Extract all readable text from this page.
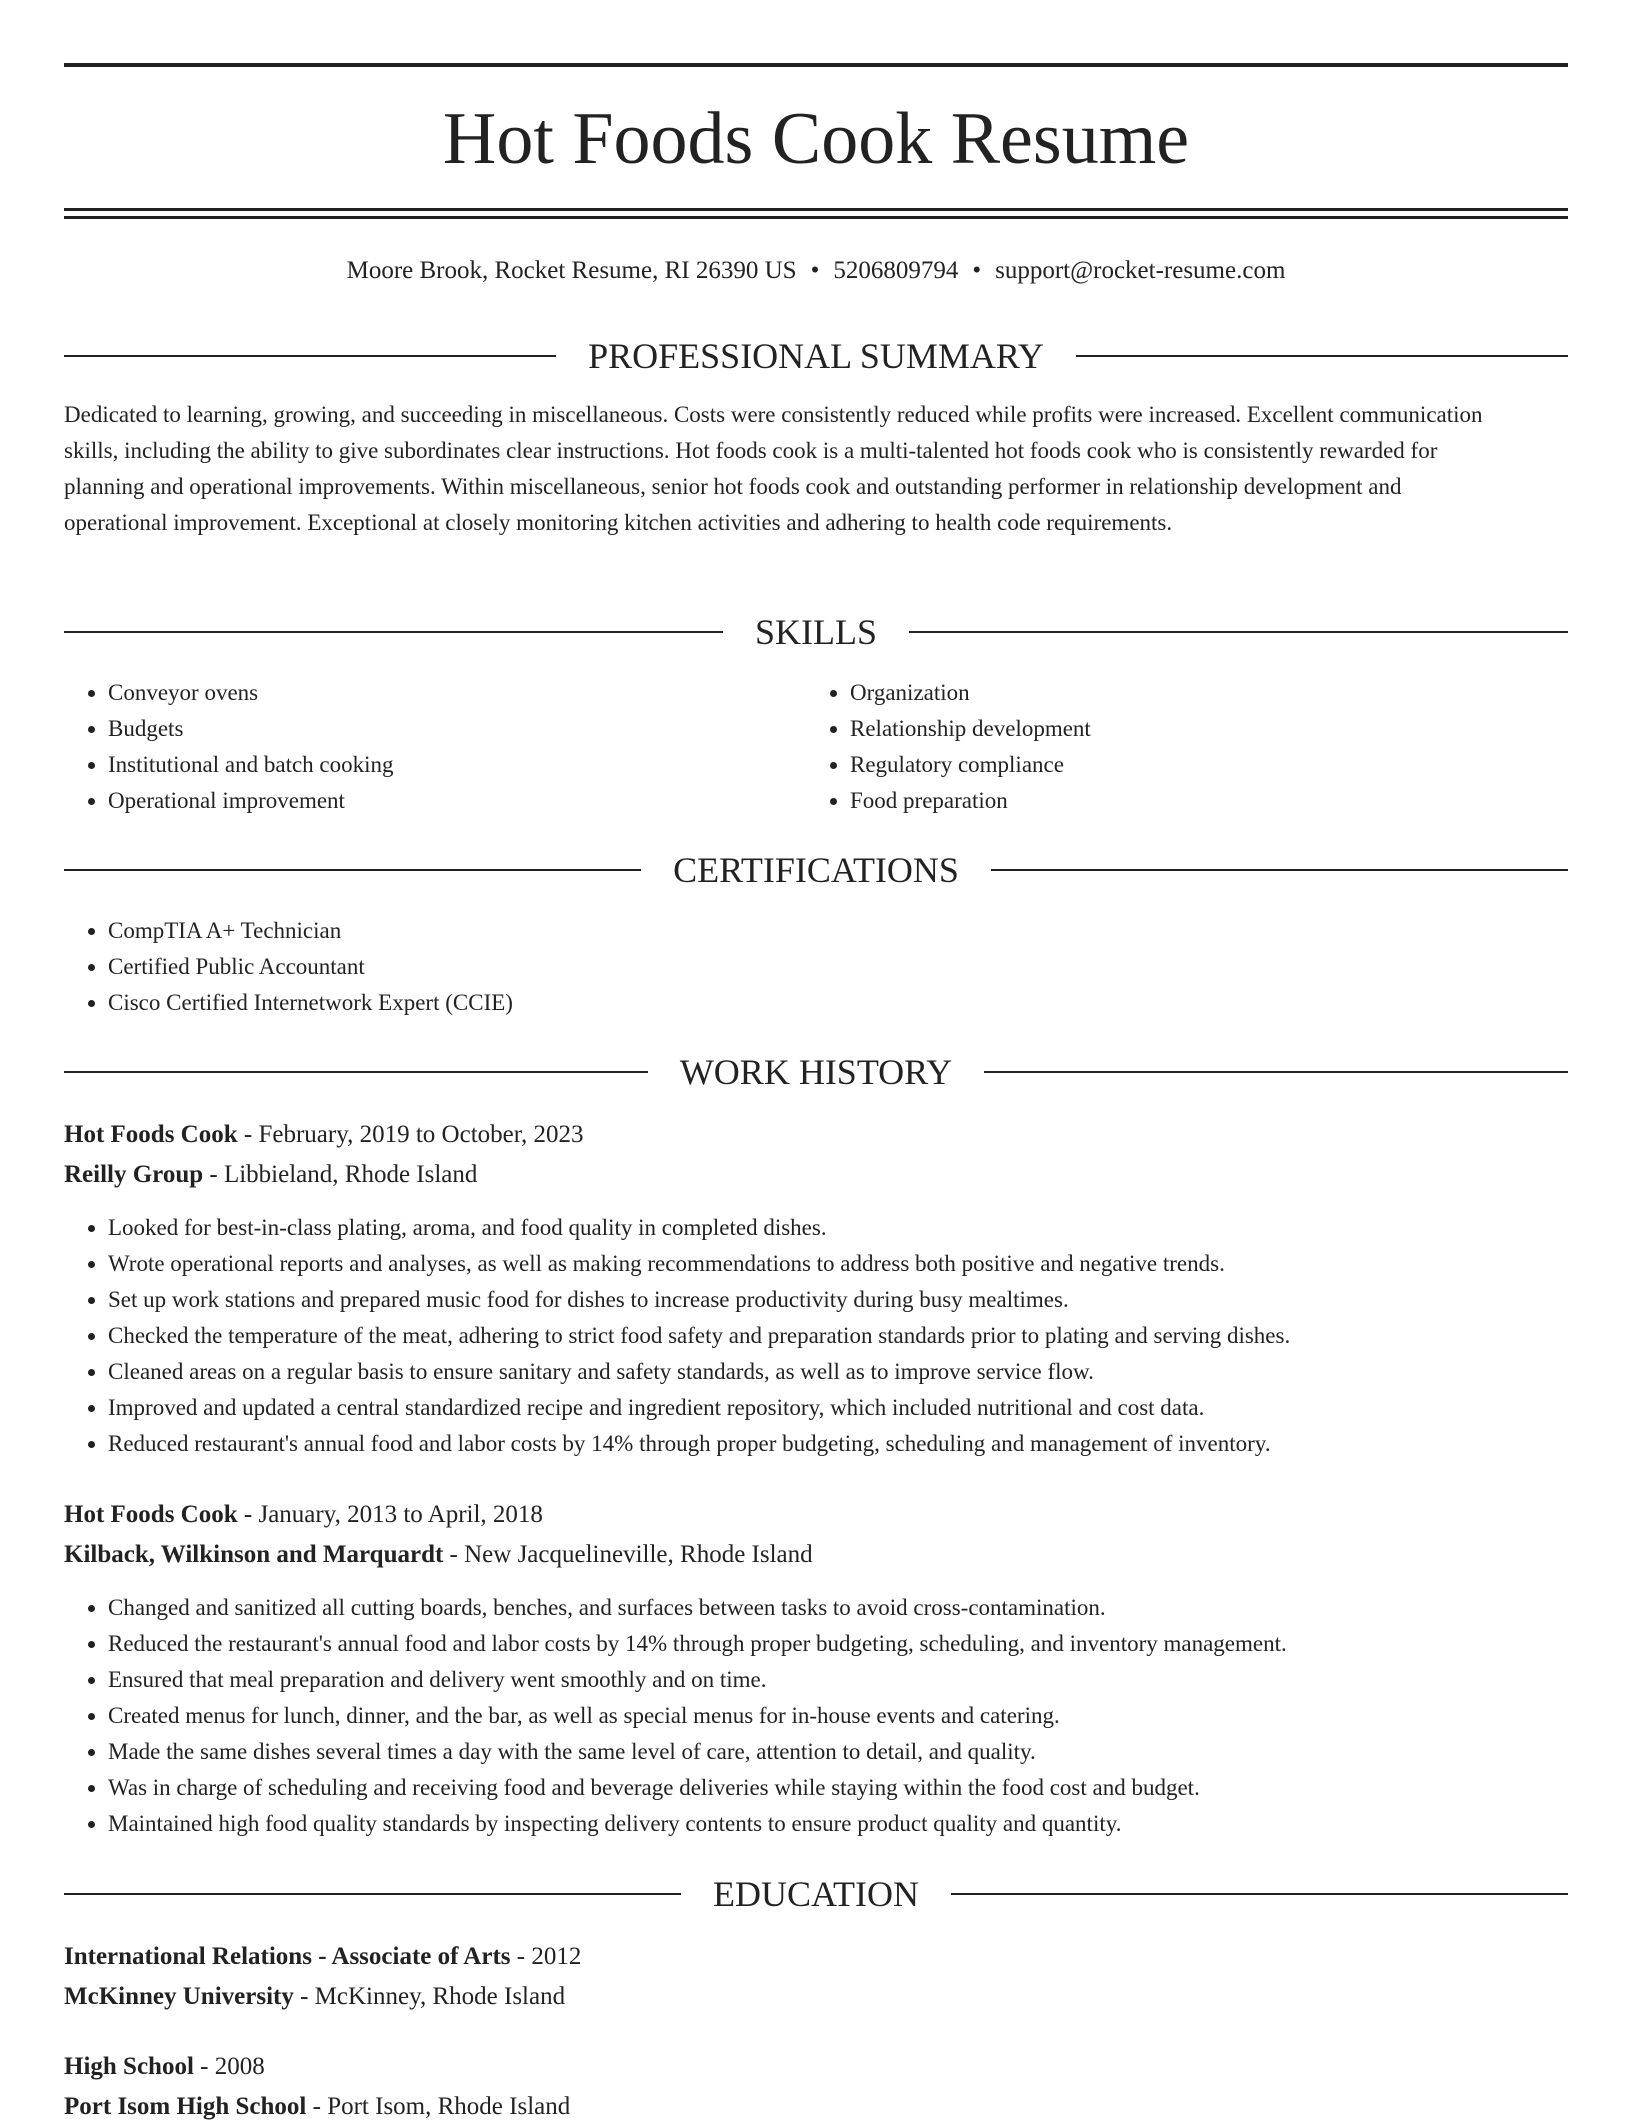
Hot Foods Cook Resume
Moore Brook, Rocket Resume, RI 26390 US • 5206809794 • support@rocket-resume.com
PROFESSIONAL SUMMARY

Dedicated to learning, growing, and succeeding in miscellaneous. Costs were consistently reduced while profits were increased. Excellent communication skills, including the ability to give subordinates clear instructions. Hot foods cook is a multi-talented hot foods cook who is consistently rewarded for planning and operational improvements. Within miscellaneous, senior hot foods cook and outstanding performer in relationship development and operational improvement. Exceptional at closely monitoring kitchen activities and adhering to health code requirements.

SKILLS
• Conveyor ovens
• Budgets
• Institutional and batch cooking
• Operational improvement
• Organization
• Relationship development
• Regulatory compliance
• Food preparation
CERTIFICATIONS
• CompTIA A+ Technician
• Certified Public Accountant
• Cisco Certified Internetwork Expert (CCIE)
WORK HISTORY

Hot Foods Cook - February, 2019 to October, 2023

Reilly Group - Libbieland, Rhode Island

• Looked for best-in-class plating, aroma, and food quality in completed dishes.
• Wrote operational reports and analyses, as well as making recommendations to address both positive and negative trends.
• Set up work stations and prepared music food for dishes to increase productivity during busy mealtimes.
• Checked the temperature of the meat, adhering to strict food safety and preparation standards prior to plating and serving dishes.
• Cleaned areas on a regular basis to ensure sanitary and safety standards, as well as to improve service flow.
• Improved and updated a central standardized recipe and ingredient repository, which included nutritional and cost data.
• Reduced restaurant's annual food and labor costs by 14% through proper budgeting, scheduling and management of inventory.

Hot Foods Cook - January, 2013 to April, 2018

Kilback, Wilkinson and Marquardt - New Jacquelineville, Rhode Island

• Changed and sanitized all cutting boards, benches, and surfaces between tasks to avoid cross-contamination.
• Reduced the restaurant's annual food and labor costs by 14% through proper budgeting, scheduling, and inventory management.
• Ensured that meal preparation and delivery went smoothly and on time.
• Created menus for lunch, dinner, and the bar, as well as special menus for in-house events and catering.
• Made the same dishes several times a day with the same level of care, attention to detail, and quality.
• Was in charge of scheduling and receiving food and beverage deliveries while staying within the food cost and budget.
• Maintained high food quality standards by inspecting delivery contents to ensure product quality and quantity.
EDUCATION

International Relations - Associate of Arts - 2012

McKinney University - McKinney, Rhode Island

High School - 2008

Port Isom High School - Port Isom, Rhode Island
